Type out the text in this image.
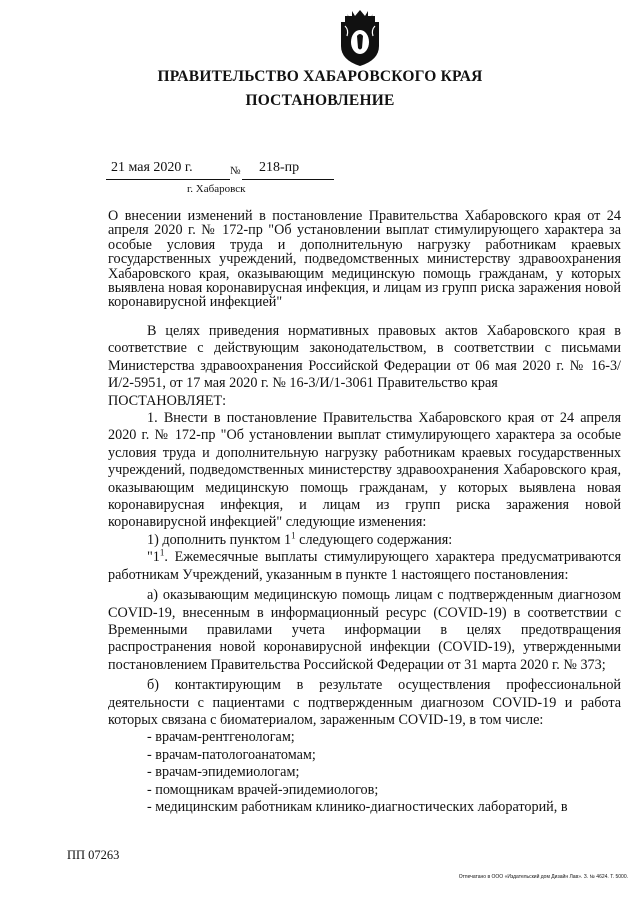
ПРАВИТЕЛЬСТВО ХАБАРОВСКОГО КРАЯ
ПОСТАНОВЛЕНИЕ
21 мая 2020 г.	№ 218-пр
г. Хабаровск
О внесении изменений в постановление Правительства Хабаровского края от 24 апреля 2020 г. № 172-пр "Об установлении выплат стимулирующего характера за особые условия труда и дополнительную нагрузку работникам краевых государственных учреждений, подведомственных министерству здравоохранения Хабаровского края, оказывающим медицинскую помощь гражданам, у которых выявлена новая коронавирусная инфекция, и лицам из групп риска заражения новой коронавирусной инфекцией"

В целях приведения нормативных правовых актов Хабаровского края в соответствие с действующим законодательством, в соответствии с письмами Министерства здравоохранения Российской Федерации от 06 мая 2020 г. № 16-3/И/2-5951, от 17 мая 2020 г. № 16-3/И/1-3061 Правительство края

ПОСТАНОВЛЯЕТ:

1. Внести в постановление Правительства Хабаровского края от 24 апреля 2020 г. № 172-пр "Об установлении выплат стимулирующего характера за особые условия труда и дополнительную нагрузку работникам краевых государственных учреждений, подведомственных министерству здравоохранения Хабаровского края, оказывающим медицинскую помощь гражданам, у которых выявлена новая коронавирусная инфекция, и лицам из групп риска заражения новой коронавирусной инфекцией" следующие изменения:

1) дополнить пунктом $1^1$ следующего содержания:

"$1^1$. Ежемесячные выплаты стимулирующего характера предусматриваются работникам Учреждений, указанным в пункте 1 настоящего постановления:

а) оказывающим медицинскую помощь лицам с подтвержденным диагнозом COVID-19, внесенным в информационный ресурс (COVID-19) в соответствии с Временными правилами учета информации в целях предотвращения распространения новой коронавирусной инфекции (COVID-19), утвержденными постановлением Правительства Российской Федерации от 31 марта 2020 г. № 373;

б) контактирующим в результате осуществления профессиональной деятельности с пациентами с подтвержденным диагнозом COVID-19 и работа которых связана с биоматериалом, зараженным COVID-19, в том числе:

- врачам-рентгенологам;

- врачам-патологоанатомам;

- врачам-эпидемиологам;

- помощникам врачей-эпидемиологов;

- медицинским работникам клинико-диагностических лабораторий, в

ПП 07263
Отпечатано в ООО «Издательский дом Дизайн Лав». З. № 4624. Т. 5000.
